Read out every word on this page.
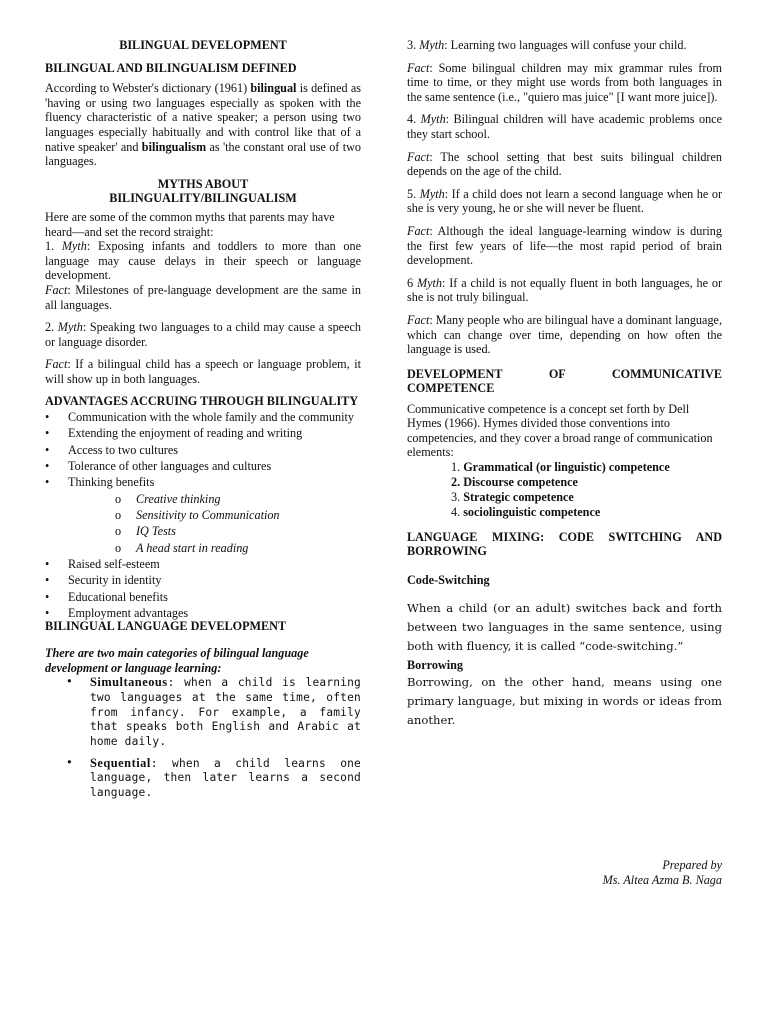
BILINGUAL DEVELOPMENT

BILINGUAL AND BILINGUALISM DEFINED

According to Webster's dictionary (1961) bilingual is defined as 'having or using two languages especially as spoken with the fluency characteristic of a native speaker; a person using two languages especially habitually and with control like that of a native speaker' and bilingualism as 'the constant oral use of two languages.

MYTHS ABOUT
BILINGUALITY/BILINGUALISM

Here are some of the common myths that parents may have heard—and set the record straight:

1. Myth: Exposing infants and toddlers to more than one language may cause delays in their speech or language development.

Fact: Milestones of pre-language development are the same in all languages.

2. Myth: Speaking two languages to a child may cause a speech or language disorder.

Fact: If a bilingual child has a speech or language problem, it will show up in both languages.

ADVANTAGES ACCRUING THROUGH BILINGUALITY

• Communication with the whole family and the community
• Extending the enjoyment of reading and writing
• Access to two cultures
• Tolerance of other languages and cultures
• Thinking benefits
o Creative thinking
o Sensitivity to Communication
o IQ Tests
o A head start in reading
• Raised self-esteem
• Security in identity
• Educational benefits
• Employment advantages

BILINGUAL LANGUAGE DEVELOPMENT

There are two main categories of bilingual language development or language learning:

• Simultaneous: when a child is learning two languages at the same time, often from infancy. For example, a family that speaks both English and Arabic at home daily.
• Sequential: when a child learns one language, then later learns a second language.

3. Myth: Learning two languages will confuse your child.

Fact: Some bilingual children may mix grammar rules from time to time, or they might use words from both languages in the same sentence (i.e., "quiero mas juice" [I want more juice]).

4. Myth: Bilingual children will have academic problems once they start school.

Fact: The school setting that best suits bilingual children depends on the age of the child.

5. Myth: If a child does not learn a second language when he or she is very young, he or she will never be fluent.

Fact: Although the ideal language-learning window is during the first few years of life—the most rapid period of brain development.

6 Myth: If a child is not equally fluent in both languages, he or she is not truly bilingual.

Fact: Many people who are bilingual have a dominant language, which can change over time, depending on how often the language is used.

DEVELOPMENT OF COMMUNICATIVE COMPETENCE

Communicative competence is a concept set forth by Dell Hymes (1966). Hymes divided those conventions into competencies, and they cover a broad range of communication elements:

1. Grammatical (or linguistic) competence
2. Discourse competence
3. Strategic competence
4. sociolinguistic competence

LANGUAGE MIXING: CODE SWITCHING AND BORROWING

Code-Switching

When a child (or an adult) switches back and forth between two languages in the same sentence, using both with fluency, it is called “code-switching.”

Borrowing

Borrowing, on the other hand, means using one primary language, but mixing in words or ideas from another.

Prepared by

Ms. Altea Azma B. Naga
